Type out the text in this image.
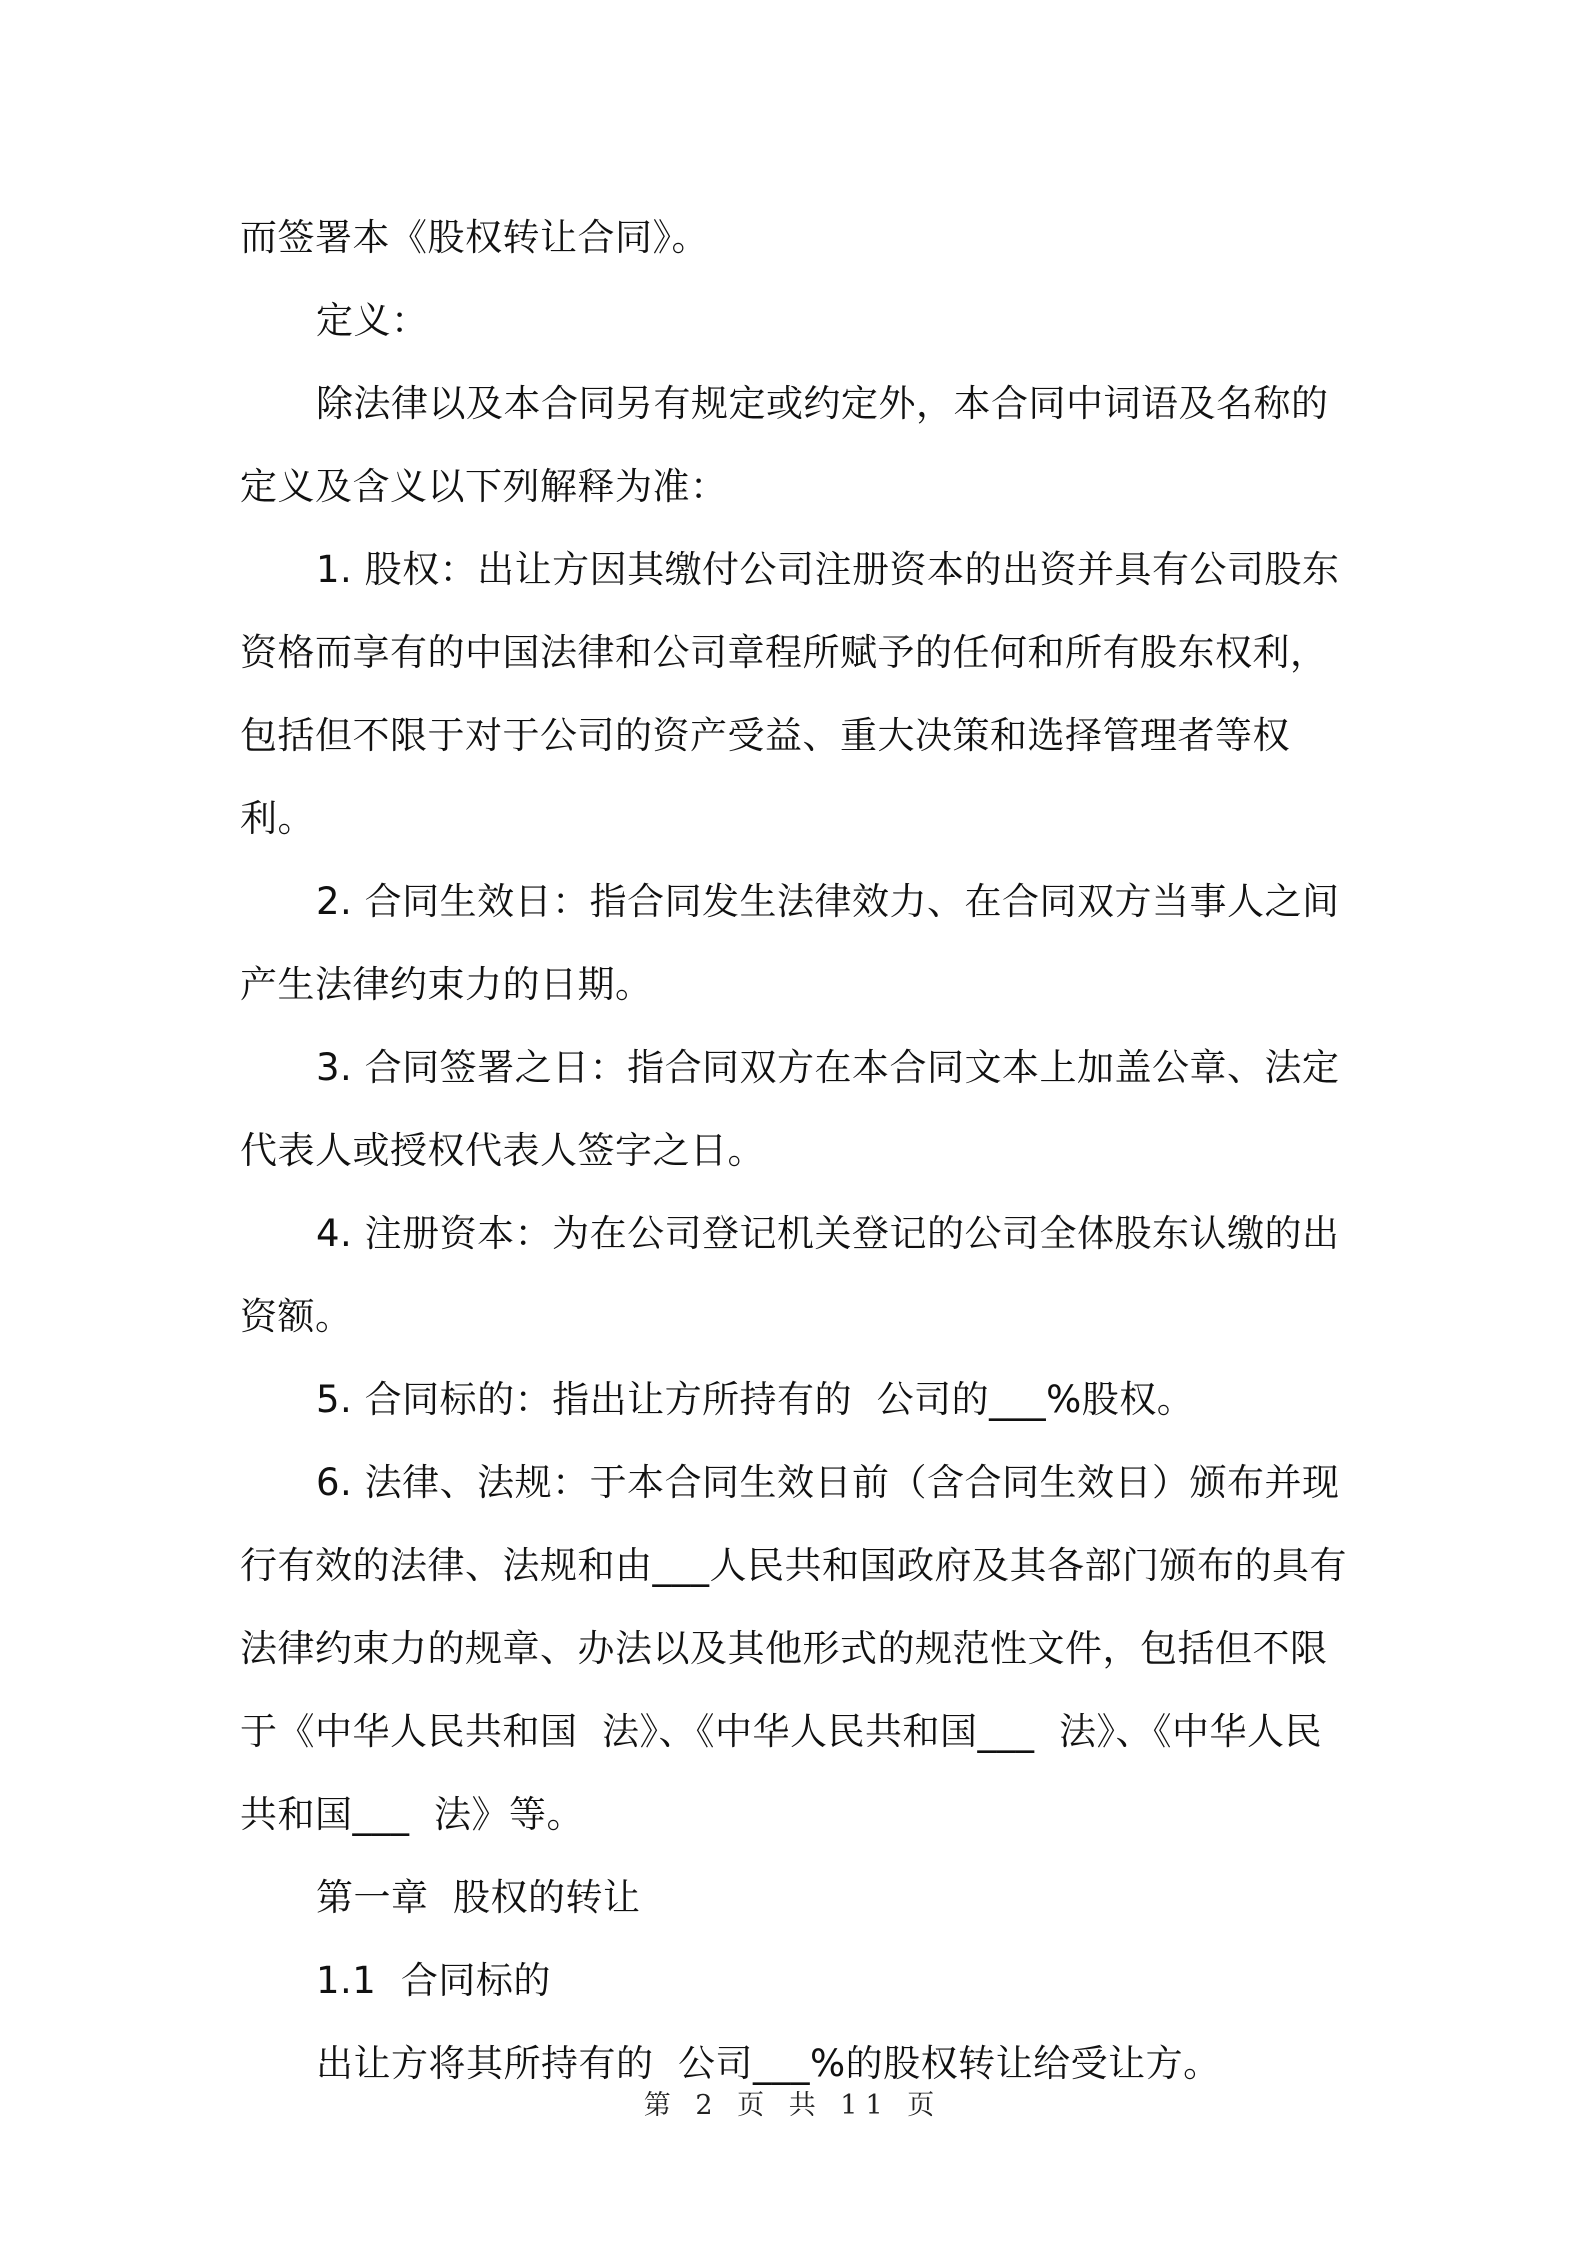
而签署本《股权转让合同》。

定义：

除法律以及本合同另有规定或约定外，本合同中词语及名称的定义及含义以下列解释为准：

1. 股权：出让方因其缴付公司注册资本的出资并具有公司股东资格而享有的中国法律和公司章程所赋予的任何和所有股东权利，包括但不限于对于公司的资产受益、重大决策和选择管理者等权利。

2. 合同生效日：指合同发生法律效力、在合同双方当事人之间产生法律约束力的日期。

3. 合同签署之日：指合同双方在本合同文本上加盖公章、法定代表人或授权代表人签字之日。

4. 注册资本：为在公司登记机关登记的公司全体股东认缴的出资额。

5. 合同标的：指出让方所持有的  公司的___%股权。

6. 法律、法规：于本合同生效日前（含合同生效日）颁布并现行有效的法律、法规和由___人民共和国政府及其各部门颁布的具有法律约束力的规章、办法以及其他形式的规范性文件，包括但不限于《中华人民共和国  法》、《中华人民共和国___  法》、《中华人民共和国___  法》等。

第一章  股权的转让

1.1  合同标的

出让方将其所持有的  公司___%的股权转让给受让方。

第 2 页 共 11 页
